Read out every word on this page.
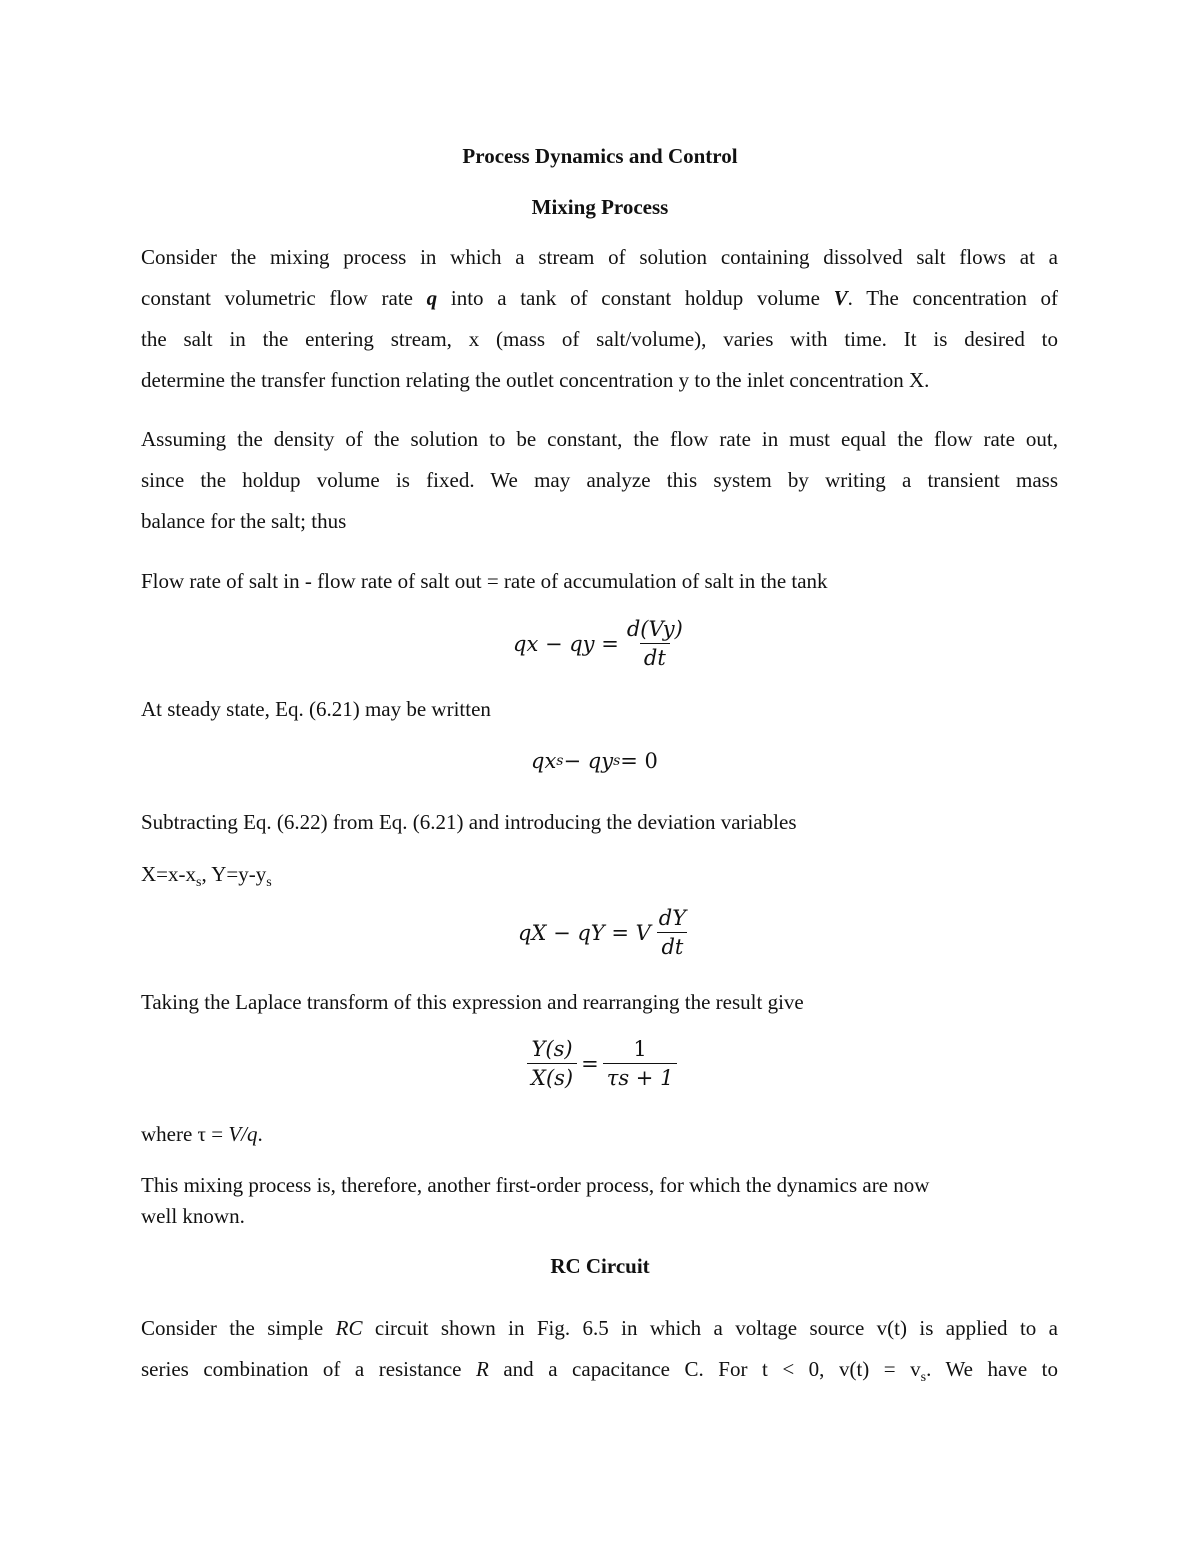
Process Dynamics and Control
Mixing Process
Consider the mixing process in which a stream of solution containing dissolved salt flows at a
constant volumetric flow rate q into a tank of constant holdup volume V. The concentration of
the salt in the entering stream, x (mass of salt/volume), varies with time. It is desired to
determine the transfer function relating the outlet concentration y to the inlet concentration X.
Assuming the density of the solution to be constant, the flow rate in must equal the flow rate out,
since the holdup volume is fixed. We may analyze this system by writing a transient mass
balance for the salt; thus
Flow rate of salt in - flow rate of salt out = rate of accumulation of salt in the tank
qx − qy = $\frac{d(Vy)}{dt}$
At steady state, Eq. (6.21) may be written
qx s − qy s = 0
Subtracting Eq. (6.22) from Eq. (6.21) and introducing the deviation variables
$X=x-x_s$, $Y=y-y_s$
qX − qY = V $\frac{dY}{dt}$
Taking the Laplace transform of this expression and rearranging the result give
$\frac{Y(s)}{X(s)} = \frac{1}{\tau s + 1}$
where τ = V/q.
This mixing process is, therefore, another first-order process, for which the dynamics are now
well known.
RC Circuit
Consider the simple RC circuit shown in Fig. 6.5 in which a voltage source v(t) is applied to a
series combination of a resistance R and a capacitance C. For t < 0, $v(t) = v_s$. We have to
